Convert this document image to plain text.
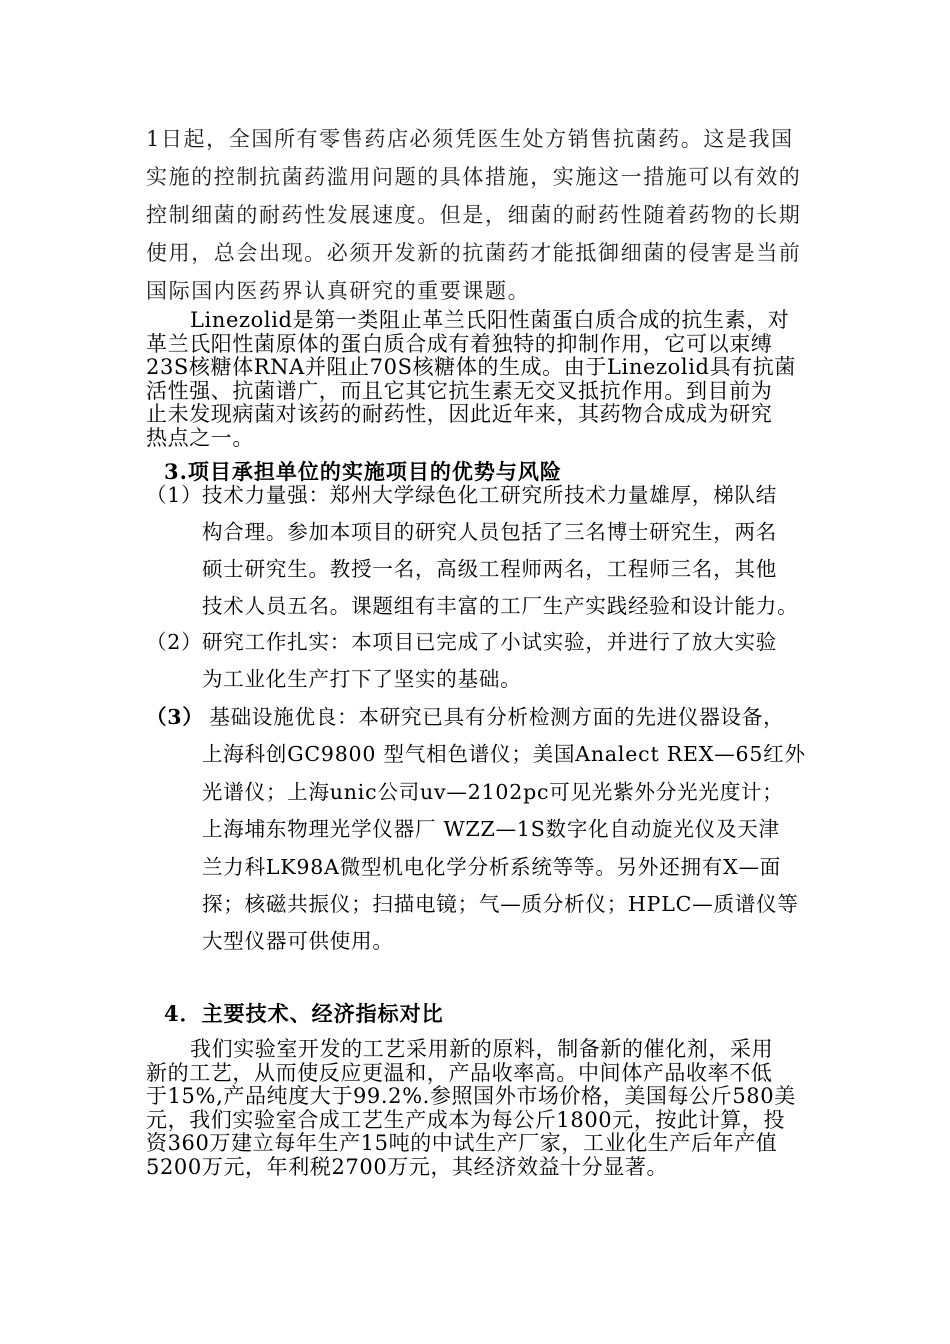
1日起，全国所有零售药店必须凭医生处方销售抗菌药。这是我国
实施的控制抗菌药滥用问题的具体措施，实施这一措施可以有效的
控制细菌的耐药性发展速度。但是，细菌的耐药性随着药物的长期
使用，总会出现。必须开发新的抗菌药才能抵御细菌的侵害是当前
国际国内医药界认真研究的重要课题。
Linezolid是第一类阻止革兰氏阳性菌蛋白质合成的抗生素，对
革兰氏阳性菌原体的蛋白质合成有着独特的抑制作用，它可以束缚
23S核糖体RNA并阻止70S核糖体的生成。由于Linezolid具有抗菌
活性强、抗菌谱广，而且它其它抗生素无交叉抵抗作用。到目前为
止未发现病菌对该药的耐药性，因此近年来，其药物合成成为研究
热点之一。
3.项目承担单位的实施项目的优势与风险
（1）技术力量强：郑州大学绿色化工研究所技术力量雄厚，梯队结
构合理。参加本项目的研究人员包括了三名博士研究生，两名
硕士研究生。教授一名，高级工程师两名，工程师三名，其他
技术人员五名。课题组有丰富的工厂生产实践经验和设计能力。
（2）研究工作扎实：本项目已完成了小试实验，并进行了放大实验
为工业化生产打下了坚实的基础。
（3） 基础设施优良：本研究已具有分析检测方面的先进仪器设备，
上海科创GC9800 型气相色谱仪；美国Analect REX—65红外
光谱仪；上海unic公司uv—2102pc可见光紫外分光光度计；
上海埔东物理光学仪器厂 WZZ—1S数字化自动旋光仪及天津
兰力科LK98A微型机电化学分析系统等等。另外还拥有X—面
探；核磁共振仪；扫描电镜；气—质分析仪；HPLC—质谱仪等
大型仪器可供使用。
4．主要技术、经济指标对比
我们实验室开发的工艺采用新的原料，制备新的催化剂，采用
新的工艺，从而使反应更温和，产品收率高。中间体产品收率不低
于15%,产品纯度大于99.2%.参照国外市场价格，美国每公斤580美
元，我们实验室合成工艺生产成本为每公斤1800元，按此计算，投
资360万建立每年生产15吨的中试生产厂家，工业化生产后年产值
5200万元，年利税2700万元，其经济效益十分显著。
